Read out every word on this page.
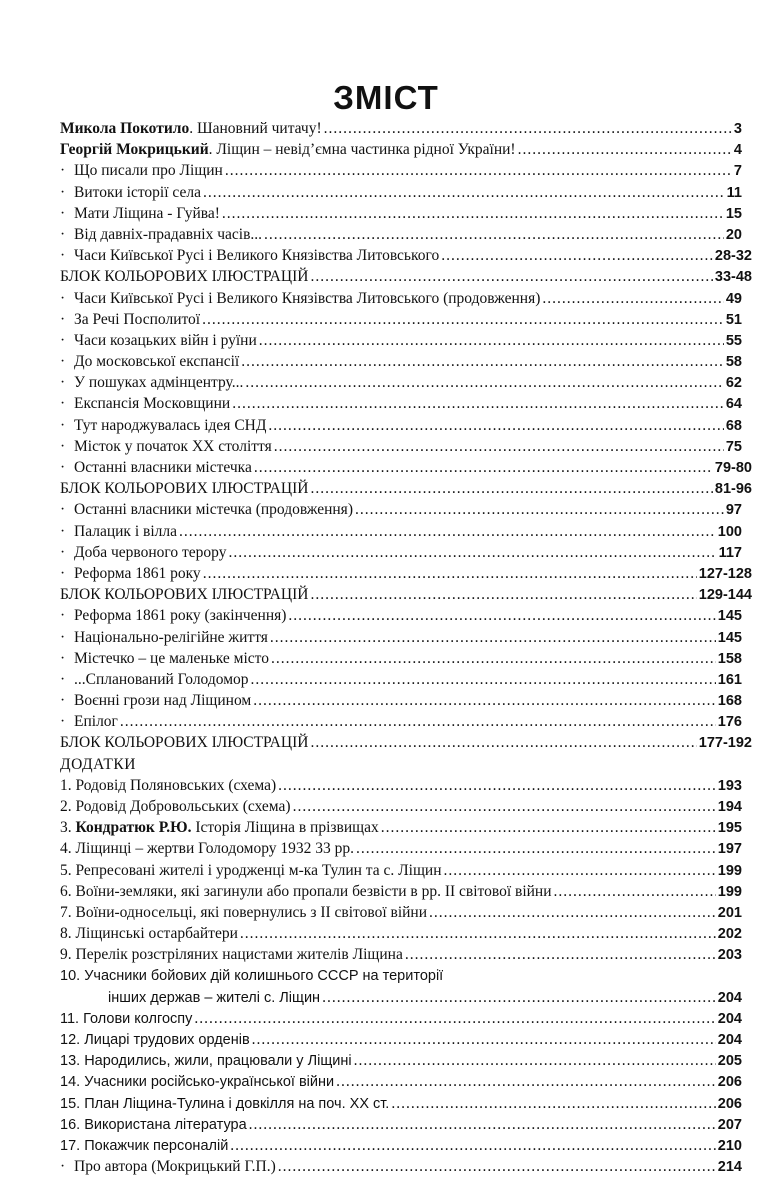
ЗМІСТ
Микола Покотило. Шановний читачу! .....	3
Георгій Мокрицький. Ліщин – невід’ємна частинка рідної України! .....	4
· Що писали про Ліщин .....	7
· Витоки історії села .....	11
· Мати Ліщина - Гуйва! .....	15
· Від давніх-прадавніх часів... .....	20
· Часи Київської Русі і Великого Князівства Литовського .....	28-32
БЛОК КОЛЬОРОВИХ ІЛЮСТРАЦІЙ .....	33-48
· Часи Київської Русі і Великого Князівства Литовського (продовження) .....	49
· За Речі Посполитої .....	51
· Часи козацьких війн і руїни .....	55
· До московської експансії .....	58
· У пошуках адмінцентру... .....	62
· Експансія Московщини .....	64
· Тут народжувалась ідея СНД .....	68
· Місток у початок XX століття .....	75
· Останні власники містечка .....	79-80
БЛОК КОЛЬОРОВИХ ІЛЮСТРАЦІЙ .....	81-96
· Останні власники містечка (продовження) .....	97
· Палацик і вілла .....	100
· Доба червоного терору .....	117
· Реформа 1861 року .....	127-128
БЛОК КОЛЬОРОВИХ ІЛЮСТРАЦІЙ .....	129-144
· Реформа 1861 року (закінчення) .....	145
· Національно-релігійне життя .....	145
· Містечко – це маленьке місто .....	158
· ...Спланований Голодомор .....	161
· Воєнні грози над Ліщином .....	168
· Епілог .....	176
БЛОК КОЛЬОРОВИХ ІЛЮСТРАЦІЙ .....	177-192
ДОДАТКИ
1. Родовід Поляновських (схема) .....	193
2. Родовід Добровольських (схема) .....	194
3. Кондратюк Р.Ю. Історія Ліщина в прізвищах .....	195
4. Ліщинці – жертви Голодомору 1932 33 рр. .....	197
5. Репресовані жителі і уродженці м-ка Тулин та с. Ліщин .....	199
6. Воїни-земляки, які загинули або пропали безвісти в рр. II світової війни .....	199
7. Воїни-односельці, які повернулись з II світової війни .....	201
8. Ліщинські остарбайтери .....	202
9. Перелік розстріляних нацистами жителів Ліщина .....	203
10. Учасники бойових дій колишнього СССР на території
інших держав – жителі с. Ліщин .....	204
11. Голови колгоспу .....	204
12. Лицарі трудових орденів .....	204
13. Народились, жили, працювали у Ліщині .....	205
14. Учасники російсько-української війни .....	206
15. План Ліщина-Тулина і довкілля на поч. XX ст. .....	206
16. Використана література .....	207
17. Покажчик персоналій .....	210
· Про автора (Мокрицький Г.П.) .....	214
